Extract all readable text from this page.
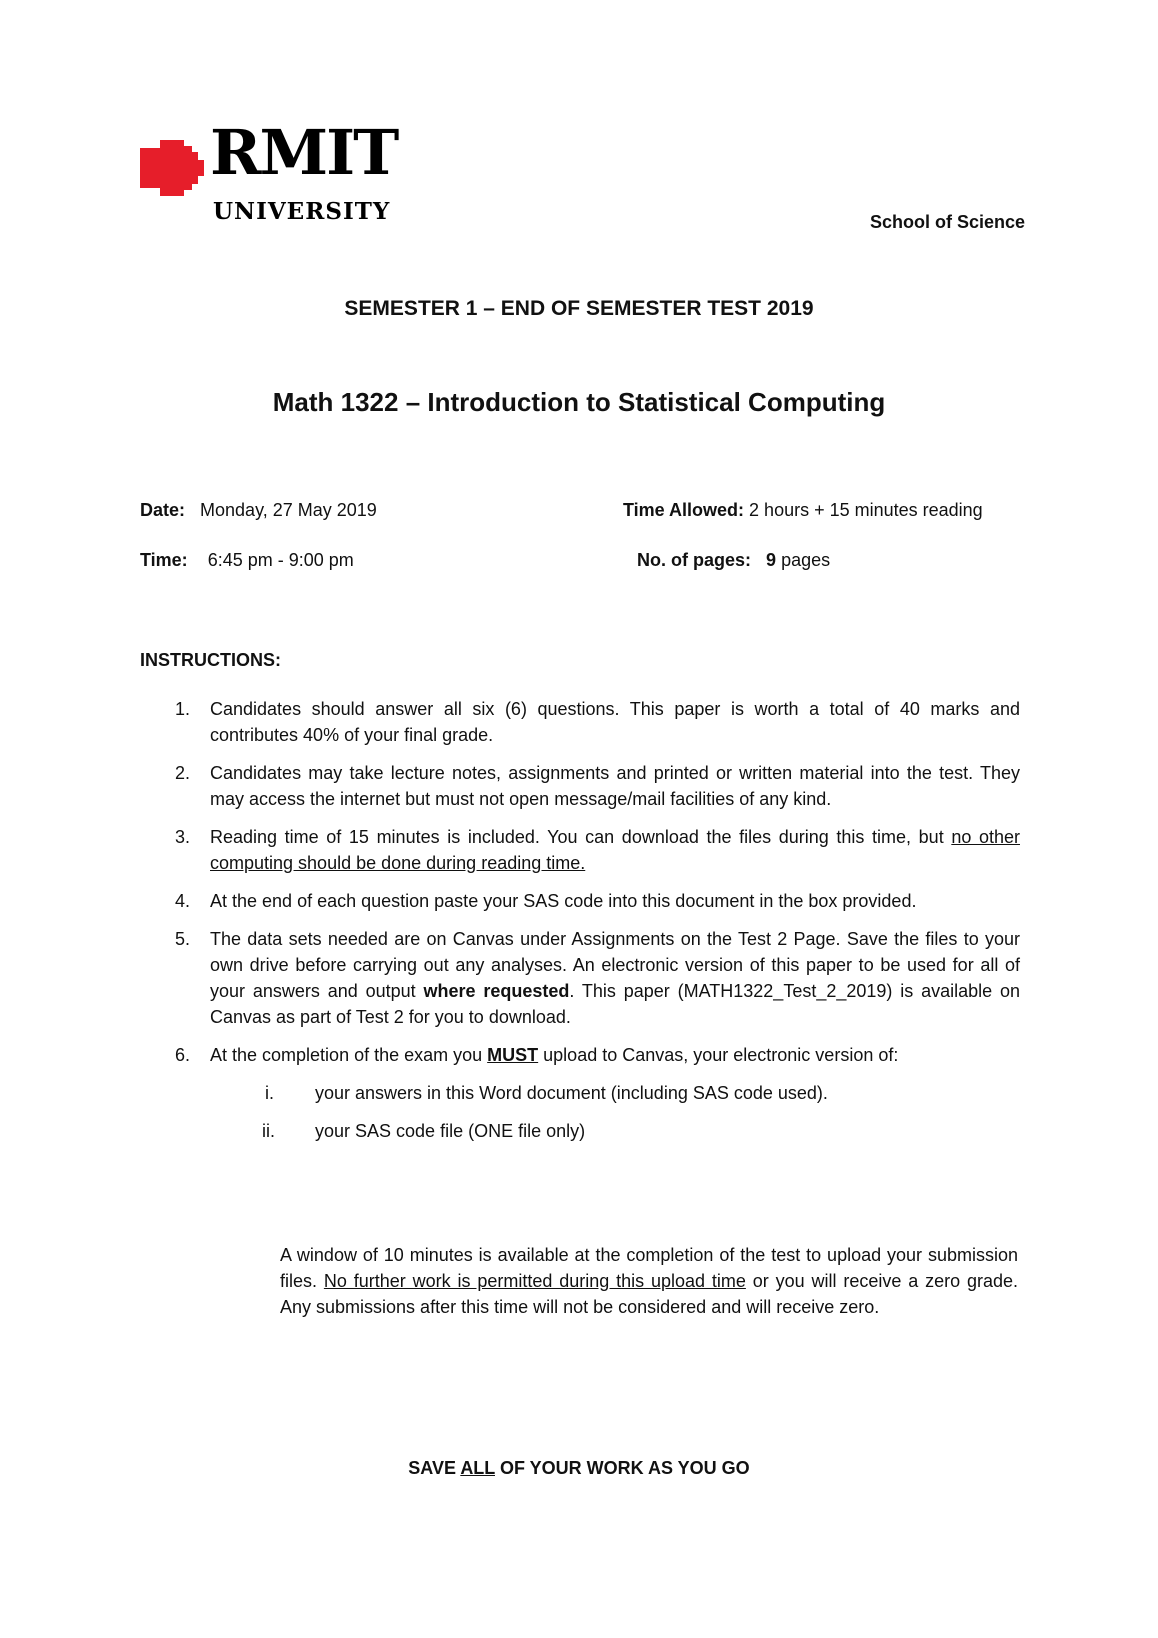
RMIT
UNIVERSITY	School of Science
SEMESTER 1 – END OF SEMESTER TEST 2019
Math 1322 – Introduction to Statistical Computing
Date: Monday, 27 May 2019
Time: 6:45 pm - 9:00 pm
Time Allowed: 2 hours + 15 minutes reading
No. of pages: 9 pages
INSTRUCTIONS:
1. Candidates should answer all six (6) questions. This paper is worth a total of 40 marks and contributes 40% of your final grade.
2. Candidates may take lecture notes, assignments and printed or written material into the test. They may access the internet but must not open message/mail facilities of any kind.
3. Reading time of 15 minutes is included. You can download the files during this time, but no other computing should be done during reading time.
4. At the end of each question paste your SAS code into this document in the box provided.
5. The data sets needed are on Canvas under Assignments on the Test 2 Page. Save the files to your own drive before carrying out any analyses. An electronic version of this paper to be used for all of your answers and output where requested. This paper (MATH1322_Test_2_2019) is available on Canvas as part of Test 2 for you to download.
6. At the completion of the exam you MUST upload to Canvas, your electronic version of:
i. your answers in this Word document (including SAS code used).
ii. your SAS code file (ONE file only)
A window of 10 minutes is available at the completion of the test to upload your submission files. No further work is permitted during this upload time or you will receive a zero grade. Any submissions after this time will not be considered and will receive zero.
SAVE ALL OF YOUR WORK AS YOU GO
